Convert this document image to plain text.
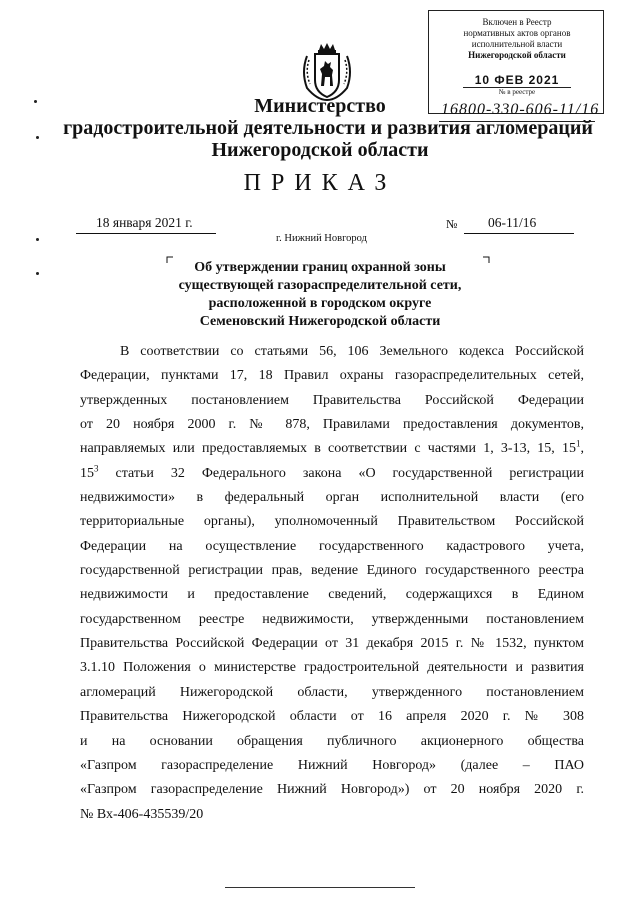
Включен в Реестр
нормативных актов органов
исполнительной власти
Нижегородской области
10 ФЕВ 2021
№ в реестре
16800-330-606-11/16
Министерство
градостроительной деятельности и развития агломераций
Нижегородской области
ПРИКАЗ
18 января 2021 г.	№ 06-11/16
г. Нижний Новгород
Об утверждении границ охранной зоны
существующей газораспределительной сети,
расположенной в городском округе
Семеновский Нижегородской области
В соответствии со статьями 56, 106 Земельного кодекса Российской
Федерации, пунктами 17, 18 Правил охраны газораспределительных сетей,
утвержденных постановлением Правительства Российской Федерации
от 20 ноября 2000 г. № 878, Правилами предоставления документов,
направляемых или предоставляемых в соответствии с частями 1, 3-13, 15, $15^1$,
$15^3$ статьи 32 Федерального закона «О государственной регистрации
недвижимости» в федеральный орган исполнительной власти (его
территориальные органы), уполномоченный Правительством Российской
Федерации на осуществление государственного кадастрового учета,
государственной регистрации прав, ведение Единого государственного реестра
недвижимости и предоставление сведений, содержащихся в Едином
государственном реестре недвижимости, утвержденными постановлением
Правительства Российской Федерации от 31 декабря 2015 г. № 1532, пунктом
3.1.10 Положения о министерстве градостроительной деятельности и развития
агломераций Нижегородской области, утвержденного постановлением
Правительства Нижегородской области от 16 апреля 2020 г. № 308
и на основании обращения публичного акционерного общества
«Газпром газораспределение Нижний Новгород» (далее – ПАО
«Газпром газораспределение Нижний Новгород») от 20 ноября 2020 г.
№ Вх-406-435539/20
